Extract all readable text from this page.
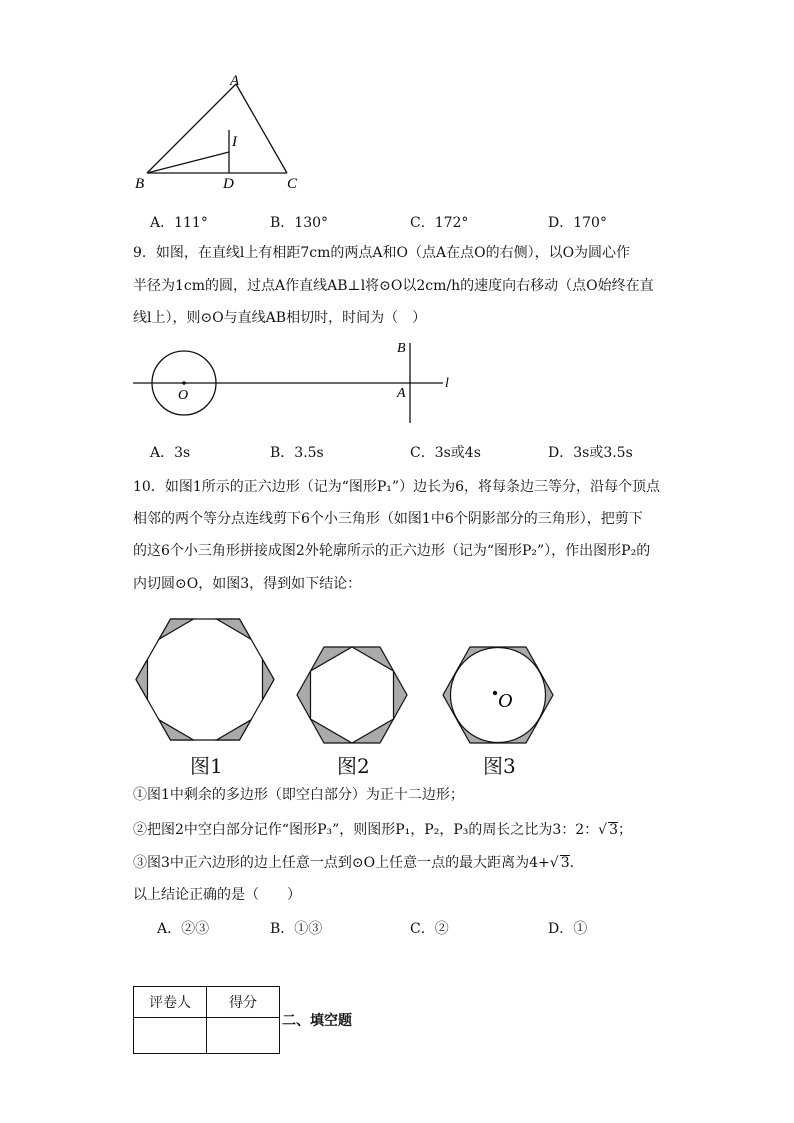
A
I
B	D	C
A．111°	B．130°	C．172°	D．170°
9．如图，在直线l上有相距7cm的两点A和O（点A在点O的右侧），以O为圆心作
半径为1cm的圆，过点A作直线AB⊥l将⊙O以2cm/h的速度向右移动（点O始终在直
线l上），则⊙O与直线AB相切时，时间为（　）
O
B
A
l
A．3s	B．3.5s	C．3s或4s	D．3s或3.5s
10．如图1所示的正六边形（记为“图形P₁”）边长为6，将每条边三等分，沿每个顶点
相邻的两个等分点连线剪下6个小三角形（如图1中6个阴影部分的三角形），把剪下
的这6个小三角形拼接成图2外轮廓所示的正六边形（记为“图形P₂”），作出图形P₂的
内切圆⊙O，如图3，得到如下结论：
O
图1	图2	图3
①图1中剩余的多边形（即空白部分）为正十二边形；
②把图2中空白部分记作“图形P₃”，则图形P₁，P₂，P₃的周长之比为3：2：√ 3；
③图3中正六边形的边上任意一点到⊙O上任意一点的最大距离为4+√ 3．
以上结论正确的是（　　）
A．②③	B．①③	C．②	D．①
评卷人	得分

二、填空题
